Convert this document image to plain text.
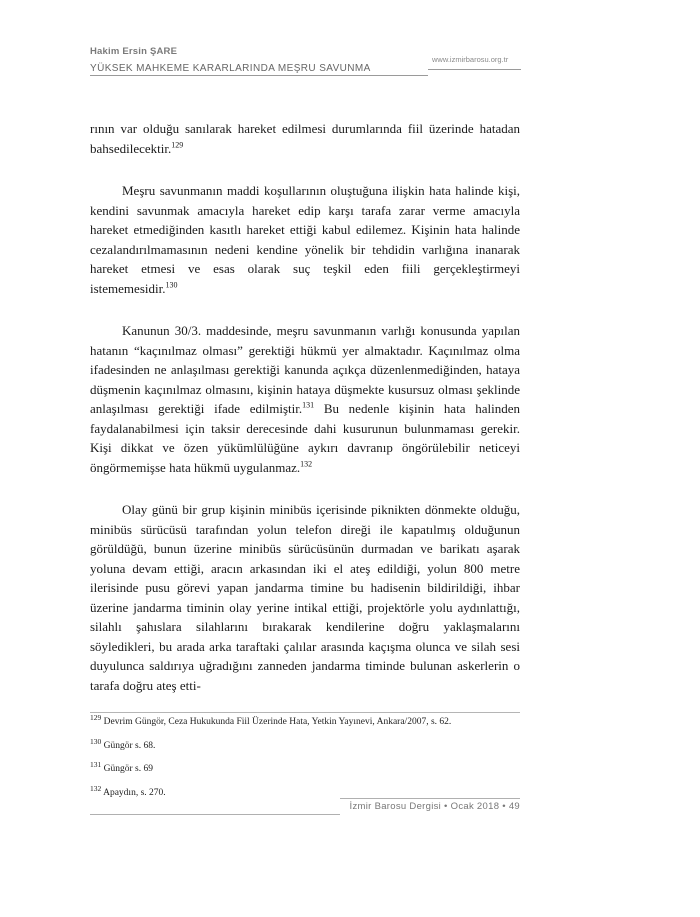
Hakim Ersin ŞARE
YÜKSEK MAHKEME KARARLARINDA MEŞRU SAVUNMA
www.izmirbarosu.org.tr

rının var olduğu sanılarak hareket edilmesi durumlarında fiil üzerinde hatadan bahsedilecektir.$^{129}$

Meşru savunmanın maddi koşullarının oluştuğuna ilişkin hata halinde kişi, kendini savunmak amacıyla hareket edip karşı tarafa zarar verme amacıyla hareket etmediğinden kasıtlı hareket ettiği kabul edilemez. Kişinin hata halinde cezalandırılmamasının nedeni kendine yönelik bir tehdidin varlığına inanarak hareket etmesi ve esas olarak suç teşkil eden fiili gerçekleştirmeyi istememesidir.$^{130}$

Kanunun 30/3. maddesinde, meşru savunmanın varlığı konusunda yapılan hatanın “kaçınılmaz olması” gerektiği hükmü yer almaktadır. Kaçınılmaz olma ifadesinden ne anlaşılması gerektiği kanunda açıkça düzenlenmediğinden, hataya düşmenin kaçınılmaz olmasını, kişinin hataya düşmekte kusursuz olması şeklinde anlaşılması gerektiği ifade edilmiştir.$^{131}$ Bu nedenle kişinin hata halinden faydalanabilmesi için taksir derecesinde dahi kusurunun bulunmaması gerekir. Kişi dikkat ve özen yükümlülüğüne aykırı davranıp öngörülebilir neticeyi öngörmemişse hata hükmü uygulanmaz.$^{132}$

Olay günü bir grup kişinin minibüs içerisinde piknikten dönmekte olduğu, minibüs sürücüsü tarafından yolun telefon direği ile kapatılmış olduğunun görüldüğü, bunun üzerine minibüs sürücüsünün durmadan ve barikatı aşarak yoluna devam ettiği, aracın arkasından iki el ateş edildiği, yolun 800 metre ilerisinde pusu görevi yapan jandarma timine bu hadisenin bildirildiği, ihbar üzerine jandarma timinin olay yerine intikal ettiği, projektörle yolu aydınlattığı, silahlı şahıslara silahlarını bırakarak kendilerine doğru yaklaşmalarını söyledikleri, bu arada arka taraftaki çalılar arasında kaçışma olunca ve silah sesi duyulunca saldırıya uğradığını zanneden jandarma timinde bulunan askerlerin o tarafa doğru ateş etti-

$^{129}$ Devrim Güngör, Ceza Hukukunda Fiil Üzerinde Hata, Yetkin Yayınevi, Ankara/2007, s. 62.
$^{130}$ Güngör s. 68.
$^{131}$ Güngör s. 69
$^{132}$ Apaydın, s. 270.
İzmir Barosu Dergisi • Ocak 2018 • 49
